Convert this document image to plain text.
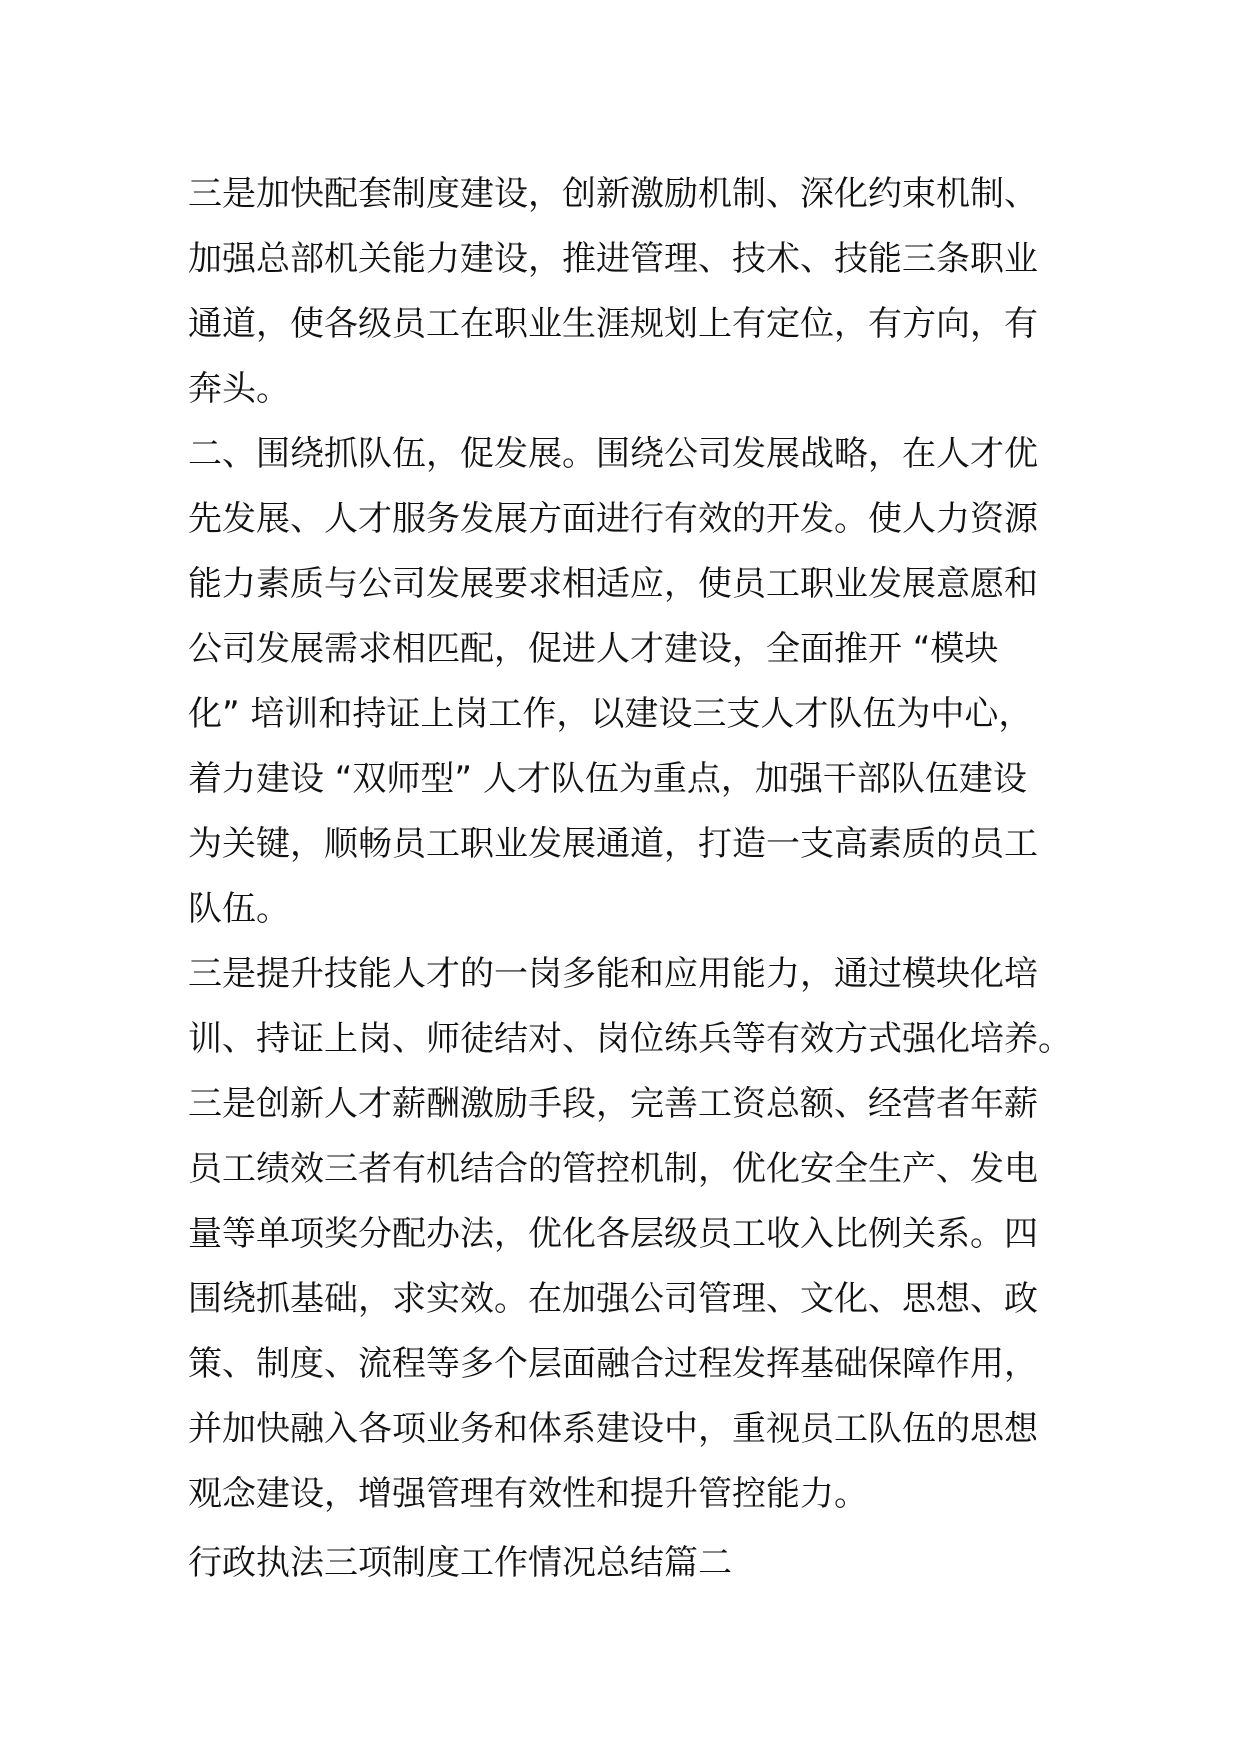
三是加快配套制度建设，创新激励机制、深化约束机制、
加强总部机关能力建设，推进管理、技术、技能三条职业
通道，使各级员工在职业生涯规划上有定位，有方向，有
奔头。
二、围绕抓队伍，促发展。围绕公司发展战略，在人才优
先发展、人才服务发展方面进行有效的开发。使人力资源
能力素质与公司发展要求相适应，使员工职业发展意愿和
公司发展需求相匹配，促进人才建设，全面推开 “模块
化” 培训和持证上岗工作，以建设三支人才队伍为中心，
着力建设 “双师型” 人才队伍为重点，加强干部队伍建设
为关键，顺畅员工职业发展通道，打造一支高素质的员工
队伍。
三是提升技能人才的一岗多能和应用能力，通过模块化培
训、持证上岗、师徒结对、岗位练兵等有效方式强化培养。
三是创新人才薪酬激励手段，完善工资总额、经营者年薪
员工绩效三者有机结合的管控机制，优化安全生产、发电
量等单项奖分配办法，优化各层级员工收入比例关系。四
围绕抓基础，求实效。在加强公司管理、文化、思想、政
策、制度、流程等多个层面融合过程发挥基础保障作用，
并加快融入各项业务和体系建设中，重视员工队伍的思想
观念建设，增强管理有效性和提升管控能力。
行政执法三项制度工作情况总结篇二
